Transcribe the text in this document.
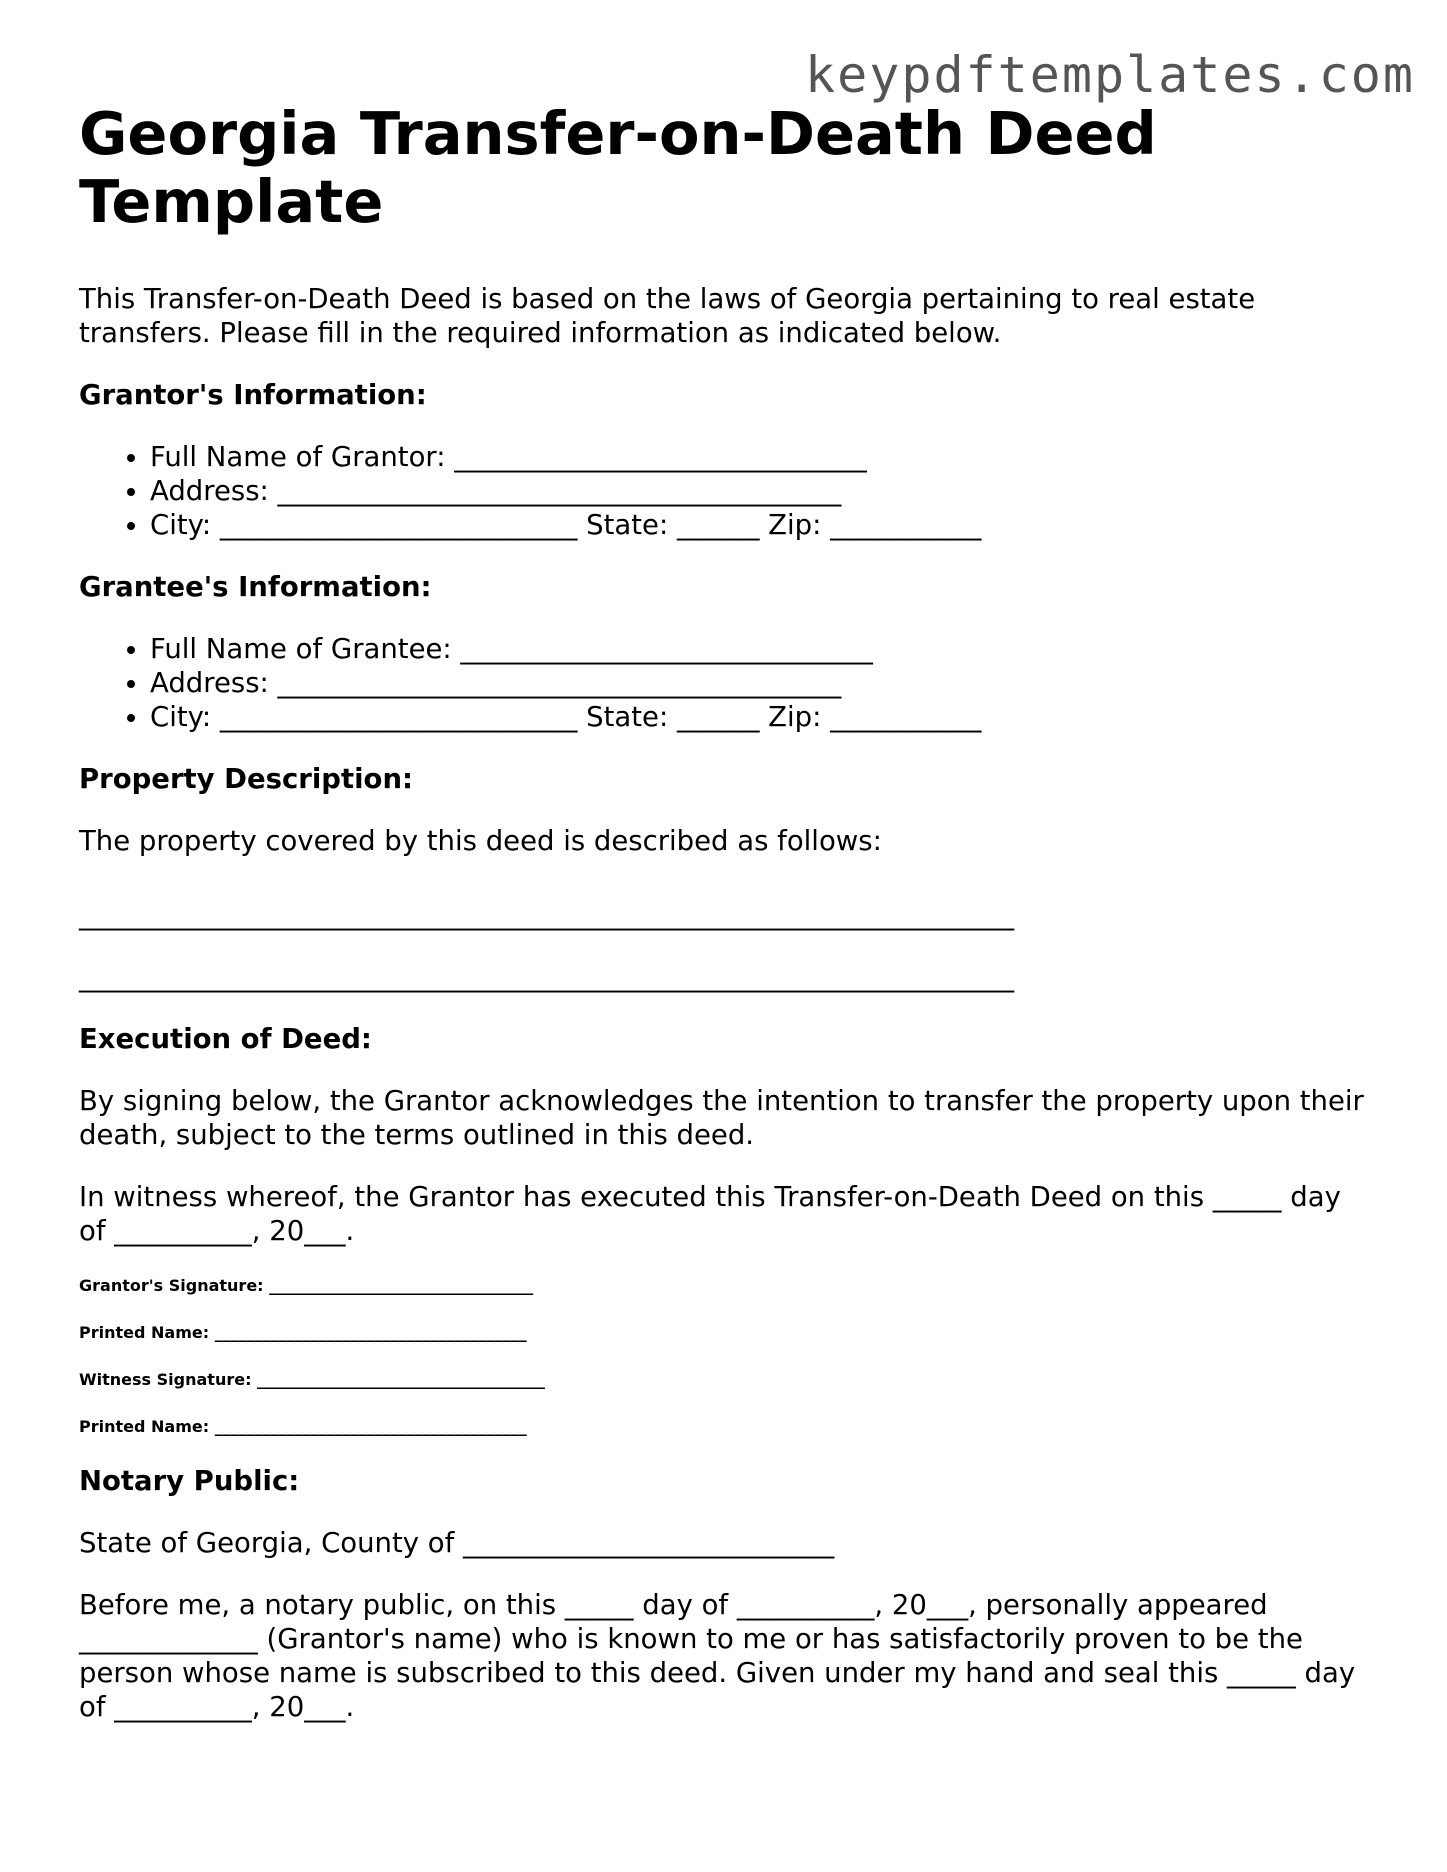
keypdftemplates.com
Georgia Transfer-on-Death Deed Template

This Transfer-on-Death Deed is based on the laws of Georgia pertaining to real estate transfers. Please fill in the required information as indicated below.

Grantor's Information:
• Full Name of Grantor: ______________________________
• Address: _________________________________________
• City: __________________________ State: ______ Zip: ___________
Grantee's Information:
• Full Name of Grantee: ______________________________
• Address: _________________________________________
• City: __________________________ State: ______ Zip: ___________
Property Description:

The property covered by this deed is described as follows:

____________________________________________________________________

____________________________________________________________________

Execution of Deed:

By signing below, the Grantor acknowledges the intention to transfer the property upon their death, subject to the terms outlined in this deed.

In witness whereof, the Grantor has executed this Transfer-on-Death Deed on this _____ day of __________, 20___.

Grantor's Signature: _________________________________
Printed Name: _______________________________________
Witness Signature: ____________________________________
Printed Name: _______________________________________
Notary Public:

State of Georgia, County of ___________________________

Before me, a notary public, on this _____ day of __________, 20___, personally appeared _____________ (Grantor's name) who is known to me or has satisfactorily proven to be the person whose name is subscribed to this deed. Given under my hand and seal this _____ day of __________, 20___.
